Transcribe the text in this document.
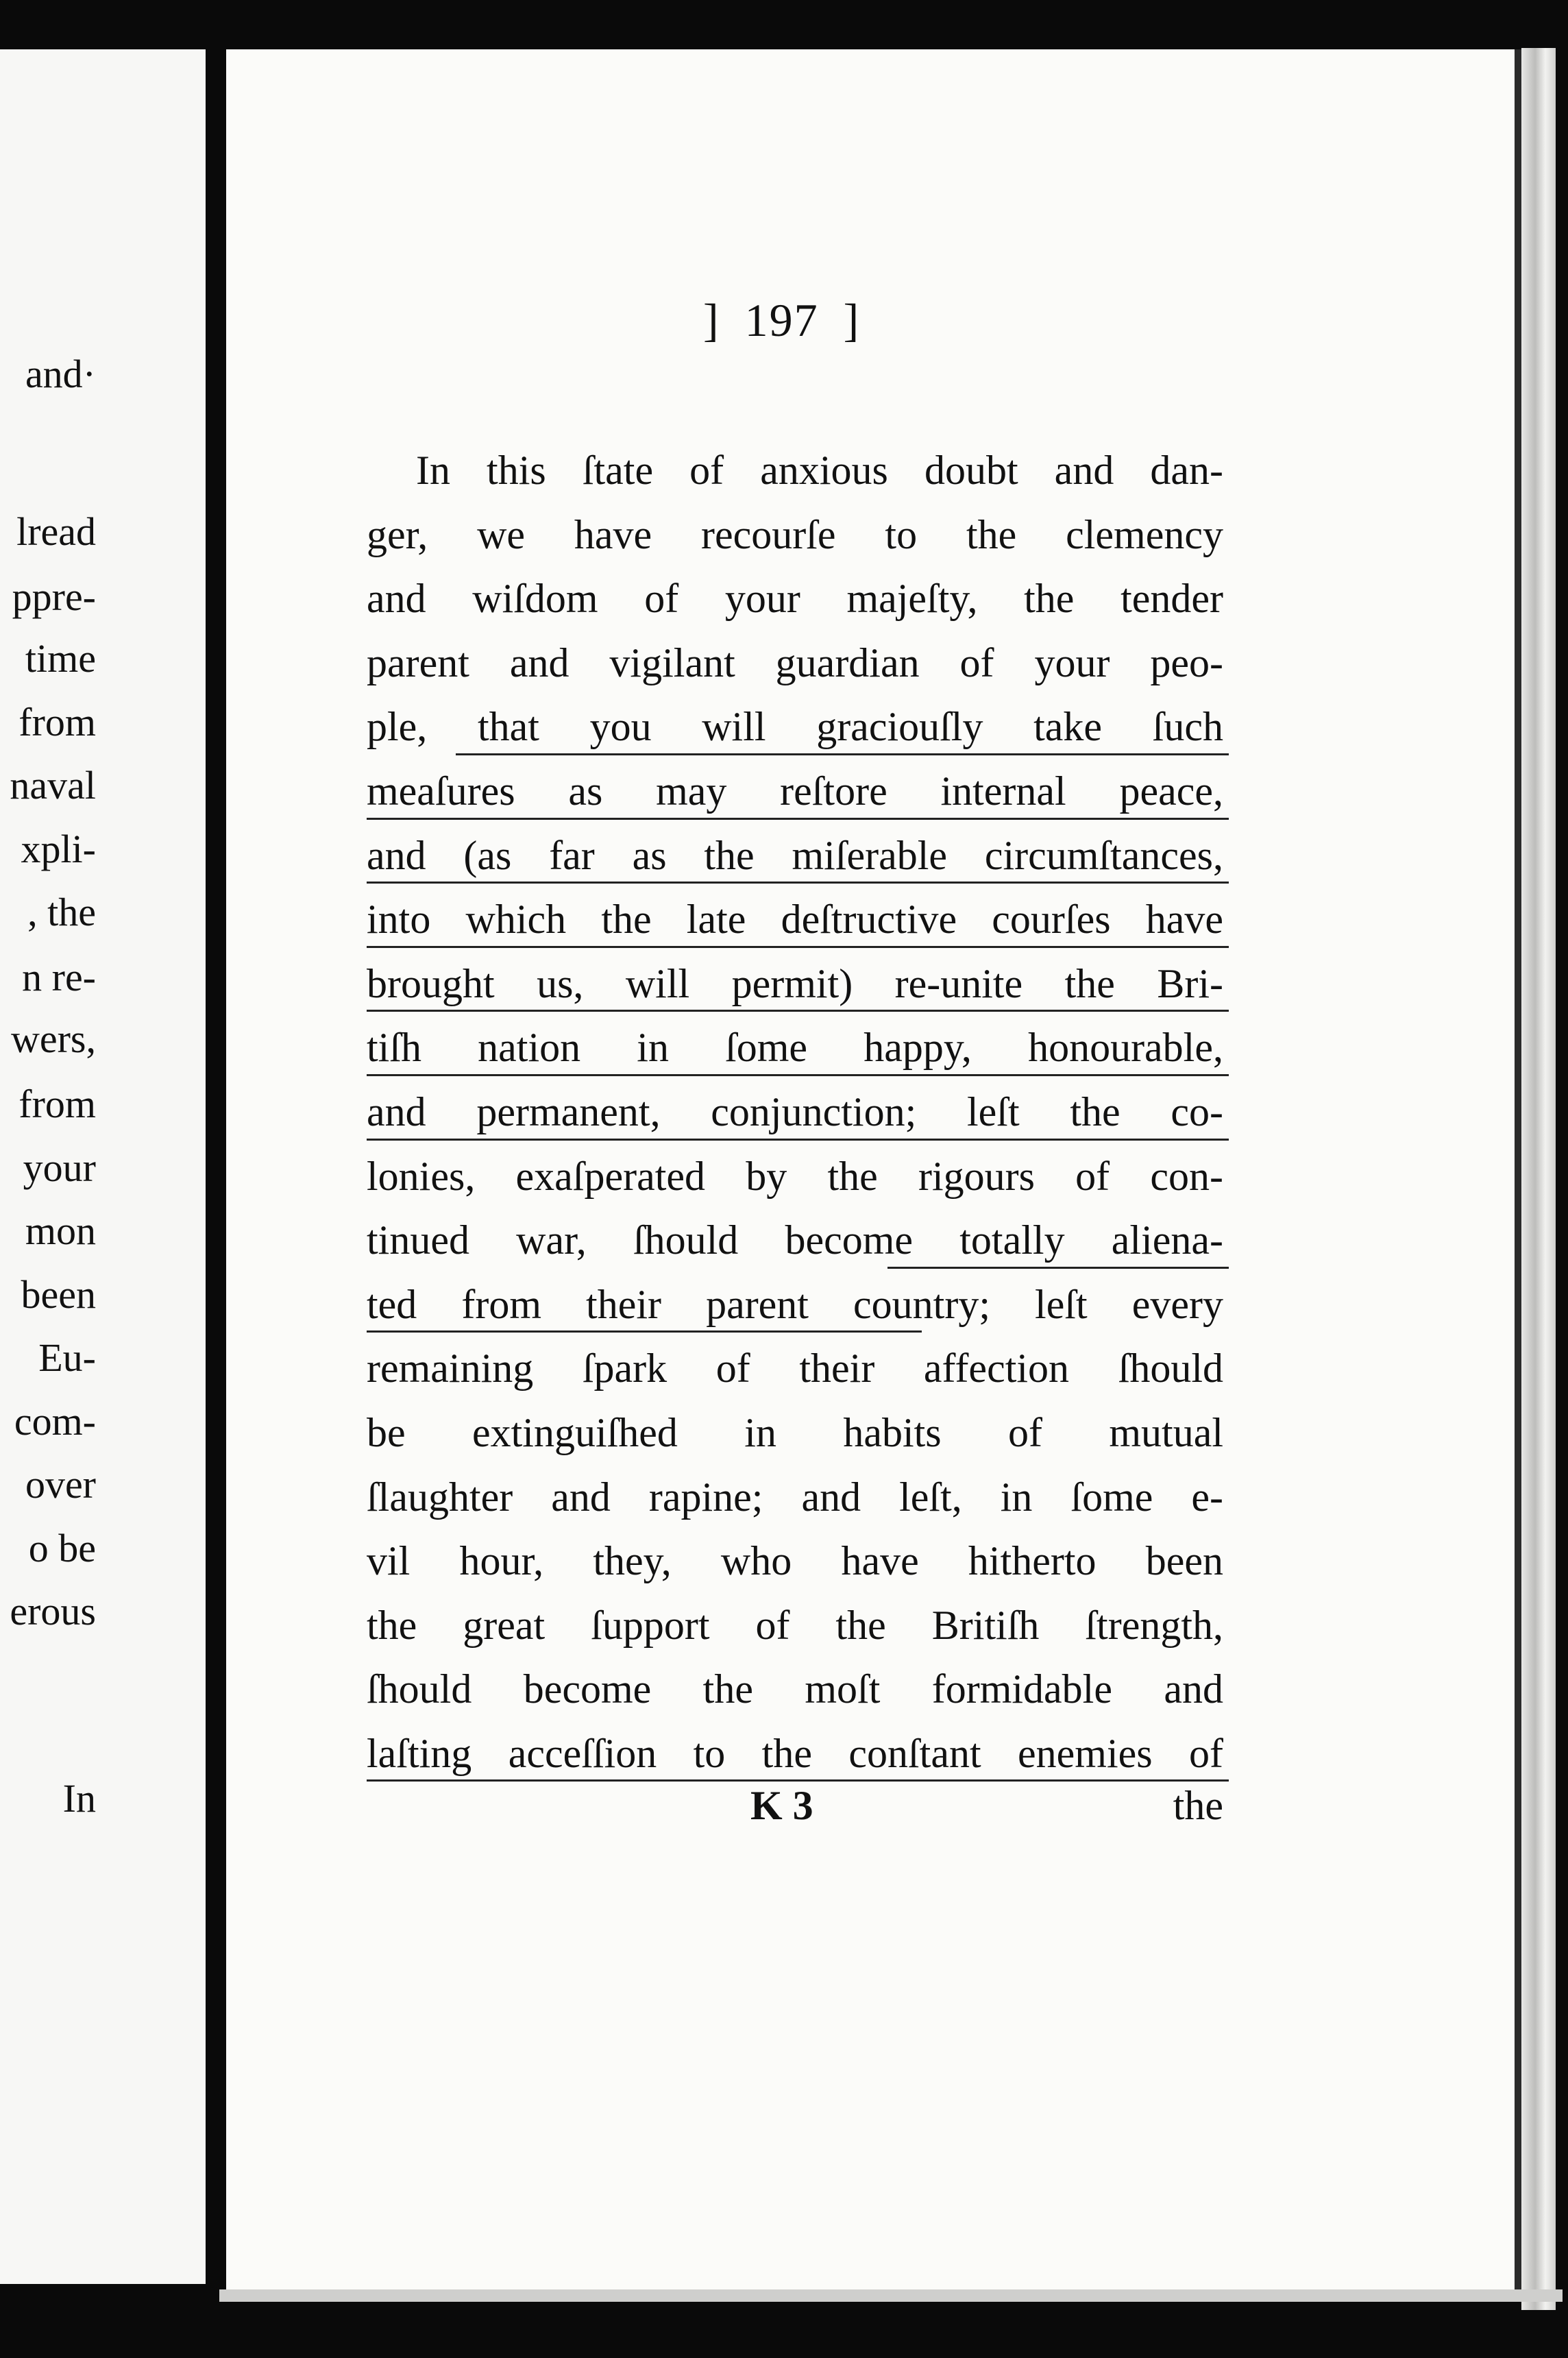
and·
lread
ppre-
time
from
naval
xpli-
, the
n re-
wers,
from
your
mon
been
Eu-
com-
over
o be
erous
In
] 197 ]
In this ſtate of anxious doubt and dan-
ger, we have recourſe to the clemency
and wiſdom of your majeſty, the tender
parent and vigilant guardian of your peo-
ple, that you will graciouſly take ſuch
meaſures as may reſtore internal peace,
and (as far as the miſerable circumſtances,
into which the late deſtructive courſes have
brought us, will permit) re-unite the Bri-
tiſh nation in ſome happy, honourable,
and permanent, conjunction; leſt the co-
lonies, exaſperated by the rigours of con-
tinued war, ſhould become totally aliena-
ted from their parent country; leſt every
remaining ſpark of their affection ſhould
be extinguiſhed in habits of mutual
ſlaughter and rapine; and leſt, in ſome e-
vil hour, they, who have hitherto been
the great ſupport of the Britiſh ſtrength,
ſhould become the moſt formidable and
laſting acceſſion to the conſtant enemies of
K 3	the
